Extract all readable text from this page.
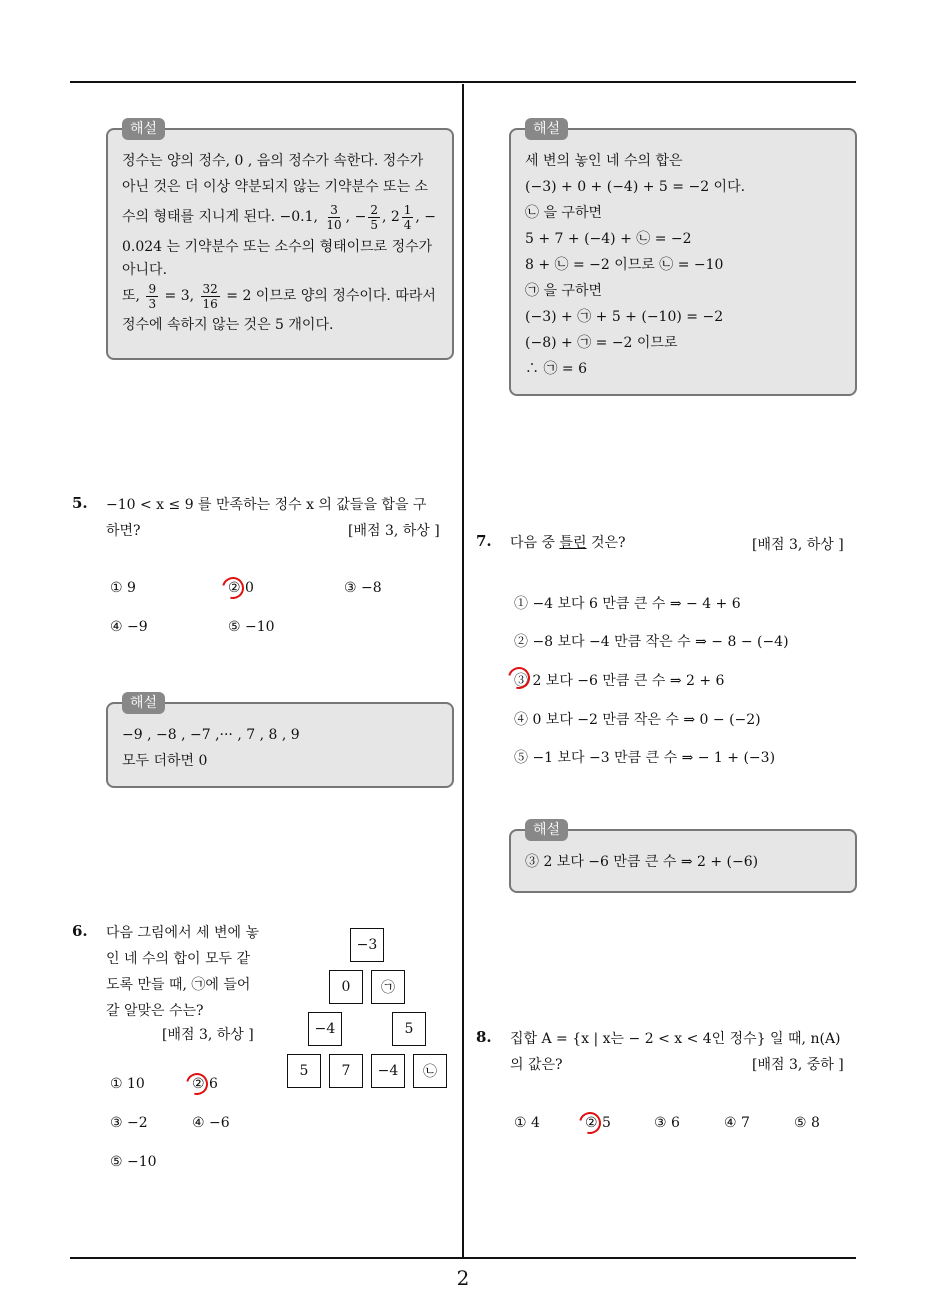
2
해설
정수는 양의 정수, 0 , 음의 정수가 속한다. 정수가
아닌 것은 더 이상 약분되지 않는 기약분수 또는 소
수의 형태를 지니게 된다. −0.1, $\frac{3}{10}$ , − $\frac{2}{5}$ , $2 \frac{1}{4}$ , −
0.024 는 기약분수 또는 소수의 형태이므로 정수가
아니다.
또, $\frac{9}{3} = 3$, $\frac{32}{16} = 2$ 이므로 양의 정수이다. 따라서
정수에 속하지 않는 것은 5 개이다.
해설
세 변의 놓인 네 수의 합은
(−3) + 0 + (−4) + 5 = −2 이다.
㉡ 을 구하면
5 + 7 + (−4) + ㉡ = −2
8 + ㉡ = −2 이므로 ㉡ = −10
㉠ 을 구하면
(−3) + ㉠ + 5 + (−10) = −2
(−8) + ㉠ = −2 이므로
∴ ㉠ = 6
5. −10 < x ≤ 9 를 만족하는 정수 x 의 값들을 합을 구
하면?	[배점 3, 하상 ]
① 9	② 0	③ −8
④ −9	⑤ −10
해설
−9 , −8 , −7 ,··· , 7 , 8 , 9
모두 더하면 0
6. 다음 그림에서 세 변에 놓
인 네 수의 합이 모두 같
도록 만들 때, ㉠에 들어
갈 알맞은 수는?
[배점 3, 하상 ]
−3
0	㉠
−4	5
5	7	−4	㉡
① 10	② 6
③ −2	④ −6
⑤ −10
7. 다음 중 틀린 것은?	[배점 3, 하상 ]
① −4 보다 6 만큼 큰 수 ⇒ − 4 + 6
② −8 보다 −4 만큼 작은 수 ⇒ − 8 − (−4)
③ 2 보다 −6 만큼 큰 수 ⇒ 2 + 6
④ 0 보다 −2 만큼 작은 수 ⇒ 0 − (−2)
⑤ −1 보다 −3 만큼 큰 수 ⇒ − 1 + (−3)
해설
③ 2 보다 −6 만큼 큰 수 ⇒ 2 + (−6)
8. 집합 A = {x | x는 − 2 < x < 4인 정수} 일 때, n(A)
의 값은?	[배점 3, 중하 ]
① 4	② 5	③ 6	④ 7	⑤ 8
